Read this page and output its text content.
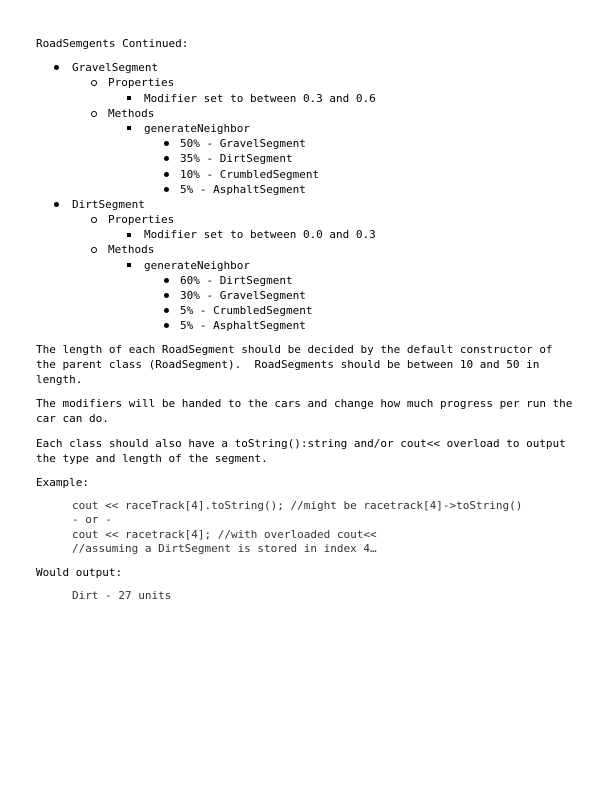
RoadSemgents Continued:

GravelSegment

Properties

Modifier set to between 0.3 and 0.6

Methods

generateNeighbor

50% - GravelSegment

35% - DirtSegment

10% - CrumbledSegment

5% - AsphaltSegment

DirtSegment

Properties

Modifier set to between 0.0 and 0.3

Methods

generateNeighbor

60% - DirtSegment

30% - GravelSegment

5% - CrumbledSegment

5% - AsphaltSegment

The length of each RoadSegment should be decided by the default constructor of
the parent class (RoadSegment).  RoadSegments should be between 10 and 50 in
length.
The modifiers will be handed to the cars and change how much progress per run the
car can do.
Each class should also have a toString():string and/or cout<< overload to output
the type and length of the segment.
Example:
cout << raceTrack[4].toString(); //might be racetrack[4]->toString()
- or -
cout << racetrack[4]; //with overloaded cout<<
//assuming a DirtSegment is stored in index 4…
Would output:
Dirt - 27 units
